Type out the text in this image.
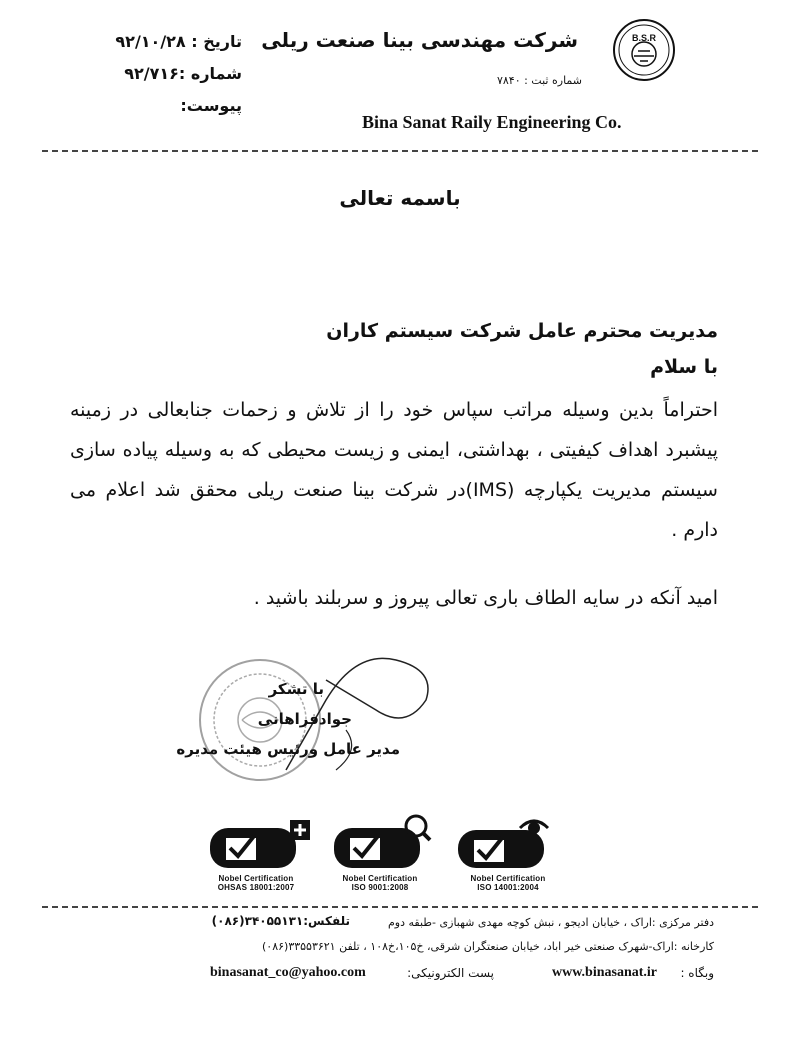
B.S.R
شرکت مهندسی بینا صنعت ریلی
شماره ثبت : ۷۸۴۰
Bina Sanat Raily Engineering Co.
تاریخ : ۹۲/۱۰/۲۸
شماره :۹۲/۷۱۶
پیوست:
باسمه تعالی
مدیریت محترم عامل شرکت سیستم کاران
با سلام
احتراماً بدین وسیله مراتب سپاس خود را از تلاش و زحمات جنابعالی در زمینه پیشبرد اهداف کیفیتی ، بهداشتی، ایمنی و زیست محیطی که به وسیله پیاده سازی سیستم مدیریت یکپارچه (IMS)در شرکت بینا صنعت ریلی محقق شد اعلام می دارم .
امید آنکه در سایه الطاف باری تعالی پیروز و سربلند باشید .
با تشکر
جوادفراهانی
مدیر عامل ورئیس هیئت مدیره
Nobel Certification
OHSAS 18001:2007
Nobel Certification
ISO 9001:2008
Nobel Certification
ISO 14001:2004
دفتر مرکزی :اراک ، خیابان ادیجو ، نبش کوچه مهدی شهبازی -طبقه دوم
تلفکس:۳۴۰۵۵۱۳۱(۰۸۶)
کارخانه :اراک-شهرک صنعتی خیر اباد، خیابان صنعتگران شرقی، خ۱۰۵،خ۱۰۸ ، تلفن ۳۳۵۵۳۶۲۱(۰۸۶)
وبگاه :
www.binasanat.ir
پست الکترونیکی:
binasanat_co@yahoo.com
